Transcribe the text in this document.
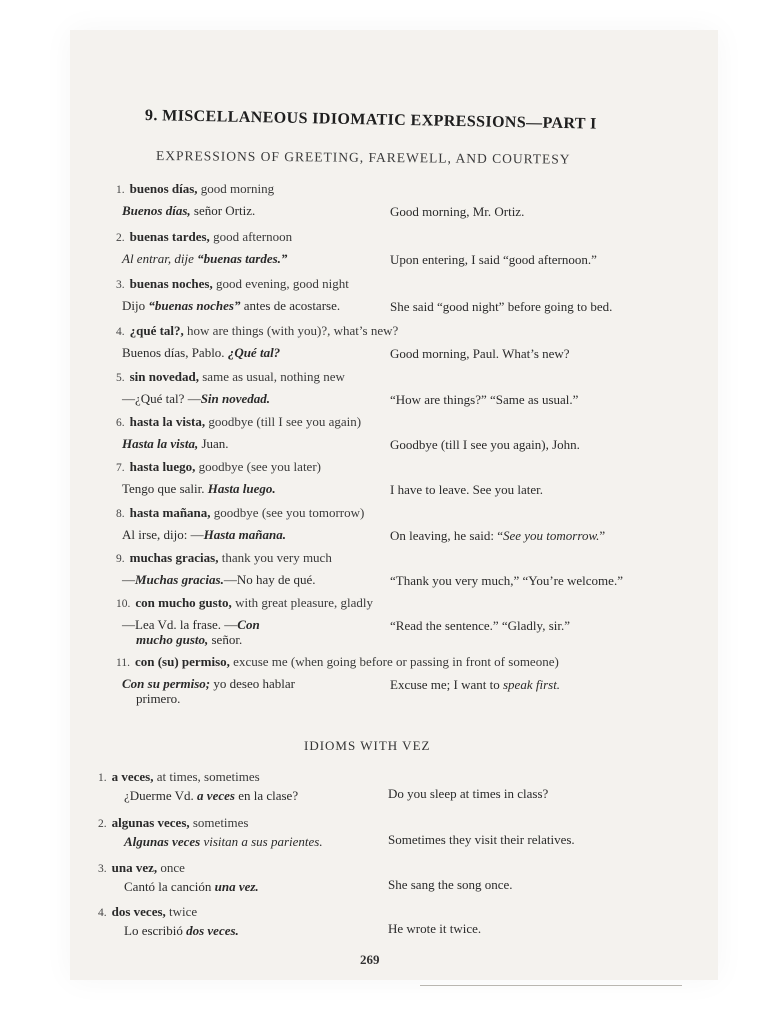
9. MISCELLANEOUS IDIOMATIC EXPRESSIONS—PART I
EXPRESSIONS OF GREETING, FAREWELL, AND COURTESY
1. buenos días, good morning
Buenos días, señor Ortiz.	Good morning, Mr. Ortiz.
2. buenas tardes, good afternoon
Al entrar, dije “buenas tardes.”	Upon entering, I said “good afternoon.”
3. buenas noches, good evening, good night
Dijo “buenas noches” antes de acostarse.	She said “good night” before going to bed.
4. ¿qué tal?, how are things (with you)?, what’s new?
Buenos días, Pablo. ¿Qué tal?	Good morning, Paul. What’s new?
5. sin novedad, same as usual, nothing new
—¿Qué tal? —Sin novedad.	“How are things?” “Same as usual.”
6. hasta la vista, goodbye (till I see you again)
Hasta la vista, Juan.	Goodbye (till I see you again), John.
7. hasta luego, goodbye (see you later)
Tengo que salir. Hasta luego.	I have to leave. See you later.
8. hasta mañana, goodbye (see you tomorrow)
Al irse, dijo: —Hasta mañana.	On leaving, he said: “See you tomorrow.”
9. muchas gracias, thank you very much
—Muchas gracias.—No hay de qué.	“Thank you very much,” “You’re welcome.”
10. con mucho gusto, with great pleasure, gladly
—Lea Vd. la frase. —Con
mucho gusto, señor.
“Read the sentence.” “Gladly, sir.”
11. con (su) permiso, excuse me (when going before or passing in front of someone)
Con su permiso; yo deseo hablar
primero.
Excuse me; I want to speak first.
IDIOMS WITH VEZ
1. a veces, at times, sometimes
¿Duerme Vd. a veces en la clase?	Do you sleep at times in class?
2. algunas veces, sometimes
Algunas veces visitan a sus parientes.	Sometimes they visit their relatives.
3. una vez, once
Cantó la canción una vez.	She sang the song once.
4. dos veces, twice
Lo escribió dos veces.	He wrote it twice.
269
